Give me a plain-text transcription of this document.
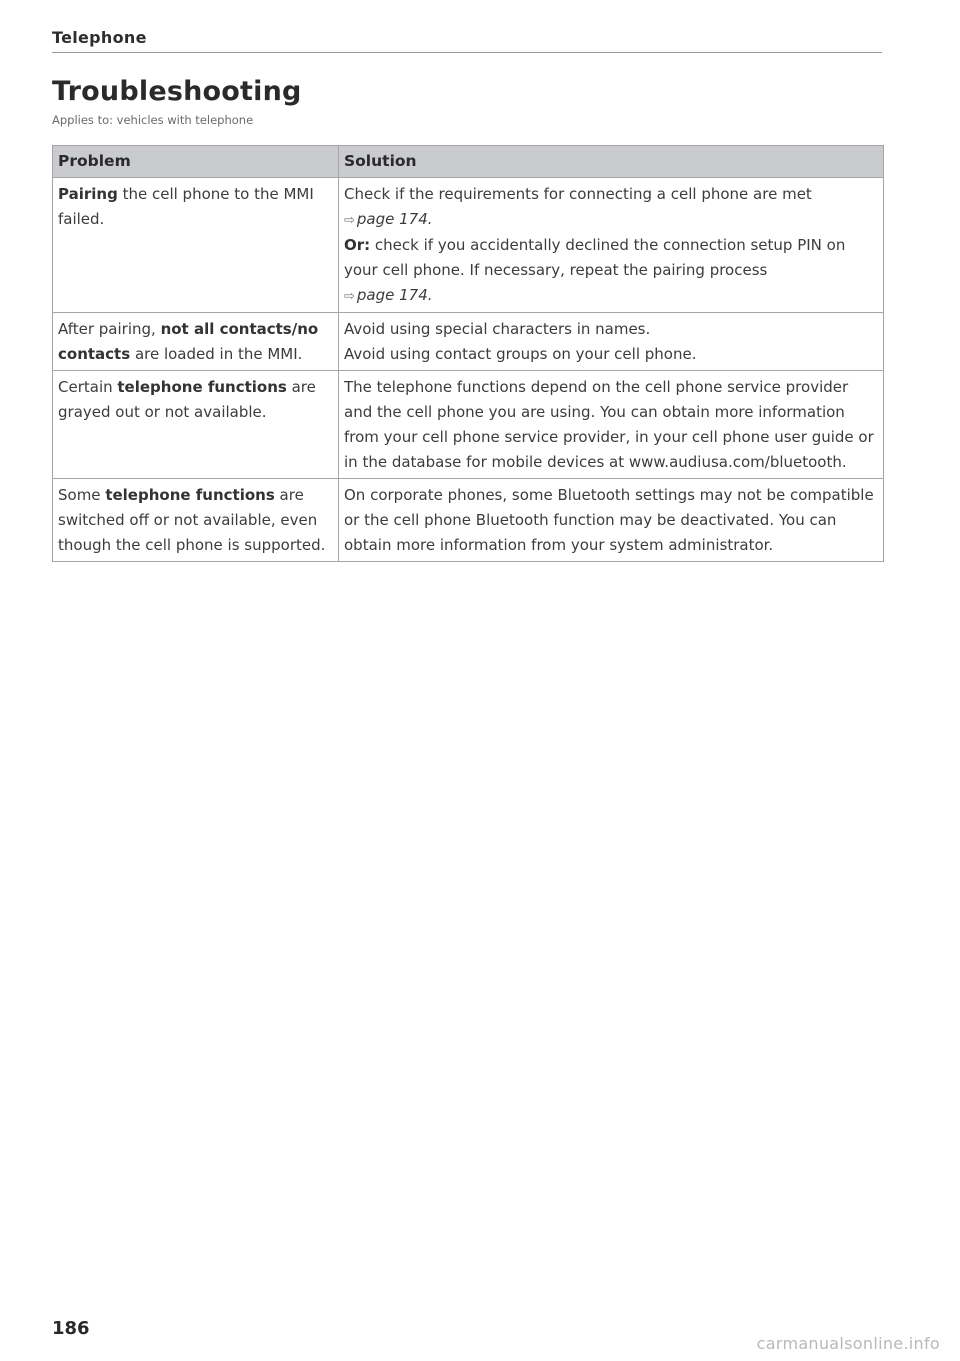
Telephone
Troubleshooting
Applies to: vehicles with telephone
Problem	Solution
Pairing the cell phone to the MMI failed.	Check if the requirements for connecting a cell phone are met
⇨ page 174.

Or: check if you accidentally declined the connection setup PIN on your cell phone. If necessary, repeat the pairing process
⇨ page 174.

After pairing, not all contacts/no contacts are loaded in the MMI.	Avoid using special characters in names.

Avoid using contact groups on your cell phone.

Certain telephone functions are grayed out or not available.	The telephone functions depend on the cell phone service provider and the cell phone you are using. You can obtain more information from your cell phone service provider, in your cell phone user guide or in the database for mobile devices at www.audiusa.com/​bluetooth.

Some telephone functions are switched off or not available, even though the cell phone is supported.	On corporate phones, some Bluetooth settings may not be compatible or the cell phone Bluetooth function may be deactivated. You can obtain more information from your system administrator.

186
carmanualsonline.info
